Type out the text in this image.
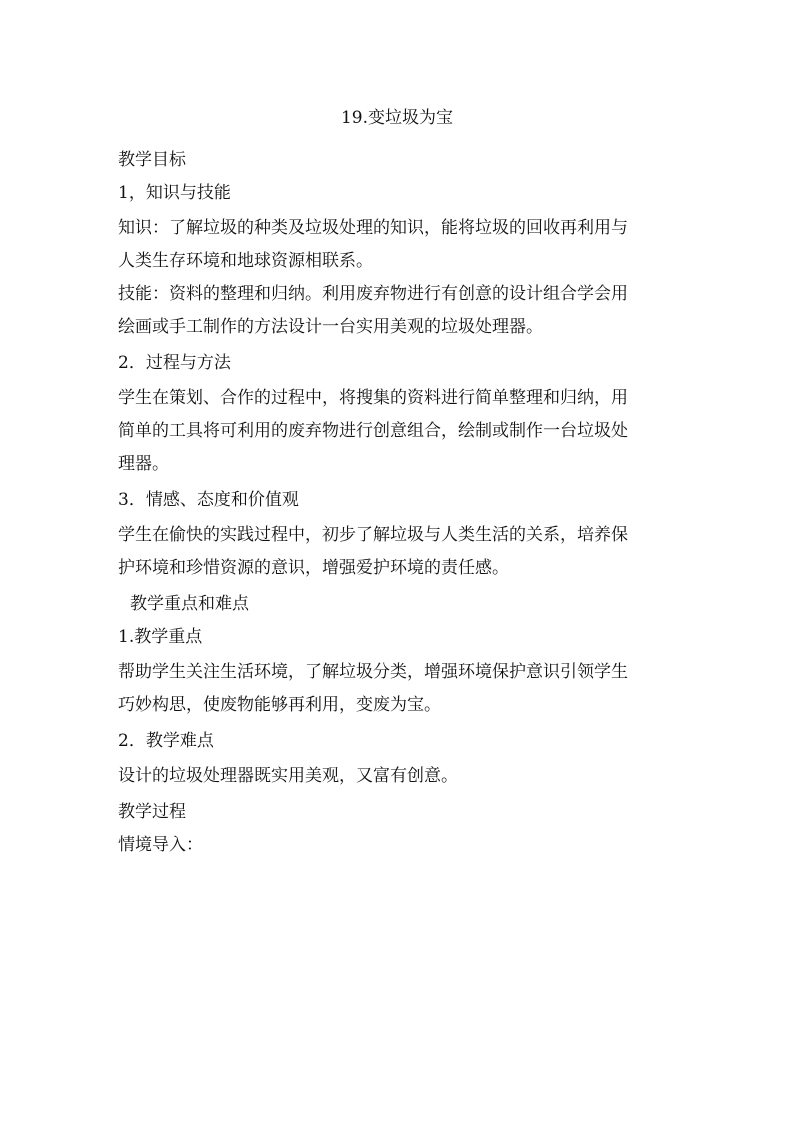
19.变垃圾为宝
教学目标
1，知识与技能
知识：了解垃圾的种类及垃圾处理的知识，能将垃圾的回收再利用与
人类生存环境和地球资源相联系。
技能：资料的整理和归纳。利用废弃物进行有创意的设计组合学会用
绘画或手工制作的方法设计一台实用美观的垃圾处理器。
2．过程与方法
学生在策划、合作的过程中，将搜集的资料进行简单整理和归纳，用
简单的工具将可利用的废弃物进行创意组合，绘制或制作一台垃圾处
理器。
3．情感、态度和价值观
学生在偷快的实践过程中，初步了解垃圾与人类生活的关系，培养保
护环境和珍惜资源的意识，增强爱护环境的责任感。
教学重点和难点
1.教学重点
帮助学生关注生活环境，了解垃圾分类，增强环境保护意识引领学生
巧妙构思，使废物能够再利用，变废为宝。
2．教学难点
设计的垃圾处理器既实用美观，又富有创意。
教学过程
情境导入：
